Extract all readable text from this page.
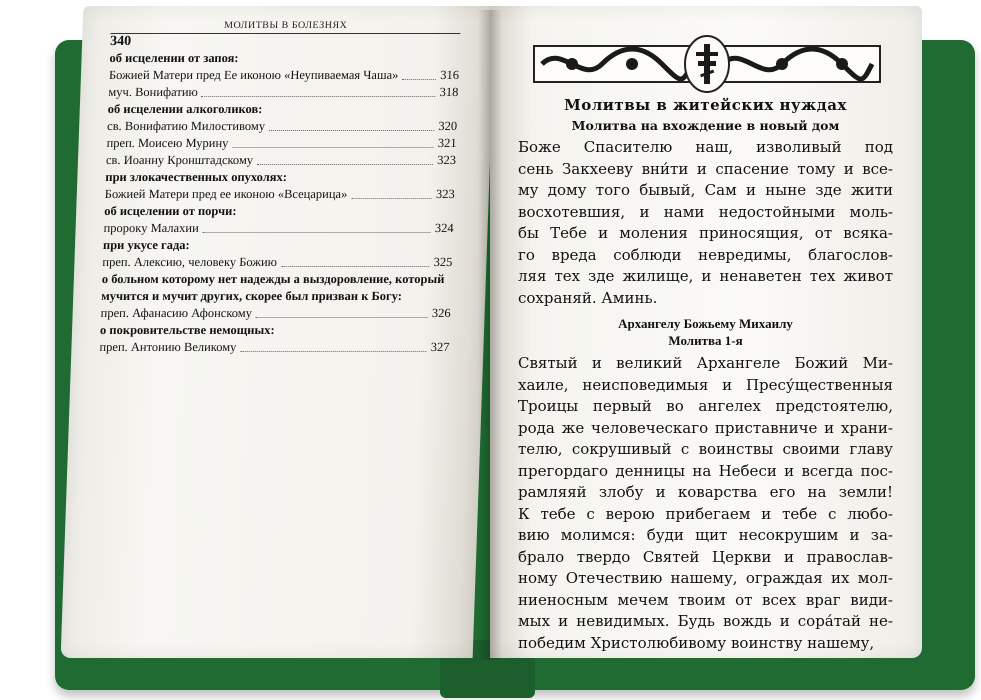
МОЛИТВЫ В БОЛЕЗНЯХ
340
об исцелении от запоя:
Божией Матери пред Ее иконою «Неупиваемая Чаша»	316
муч. Вонифатию	318
об исцелении алкоголиков:
св. Вонифатию Милостивому	320
преп. Моисею Мурину	321
св. Иоанну Кронштадскому	323
при злокачественных опухолях:
Божией Матери пред ее иконою «Всецарица»	323
об исцелении от порчи:
пророку Малахии	324
при укусе гада:
преп. Алексию, человеку Божию	325
о больном которому нет надежды а выздоровление, который мучится и мучит других, скорее был призван к Богу:
преп. Афанасию Афонскому	326
о покровительстве немощных:
преп. Антонию Великому	327

Молитвы в житейских нуждах
Молитва на вхождение в новый дом
Боже Спасителю наш, изволивый под
сень Закхееву вни́ти и спасение тому и все-
му дому того бывый, Сам и ныне зде жити
восхотевшия, и нами недостойными моль-
бы Тебе и моления приносящия, от всякa-
го вреда соблюди невредимы, благослов-
ляя тех зде жилище, и ненаветен тех живот
сохраняй. Аминь.
Архангелу Божьему Михаилу
Молитва 1-я
Святый и великий Архангеле Божий Ми-
хаиле, неисповедимыя и Пресу́щественныя
Троицы первый во ангелех предстоятелю,
рода же человеческаго приставниче и храни-
телю, сокрушивый с воинствы своими главу
прегордаго денницы на Небеси и всегда пос-
рамляяй злобу и коварства его на земли!
К тебе с верою прибегаем и тебе с любо-
вию молимся: буди щит несокрушим и за-
брало твердо Святей Церкви и православ-
ному Отечествию нашему, ограждая их мол-
ниеносным мечем твоим от всех враг види-
мых и невидимых. Будь вождь и сора́тай не-
победим Христолюбивому воинству нашему,
